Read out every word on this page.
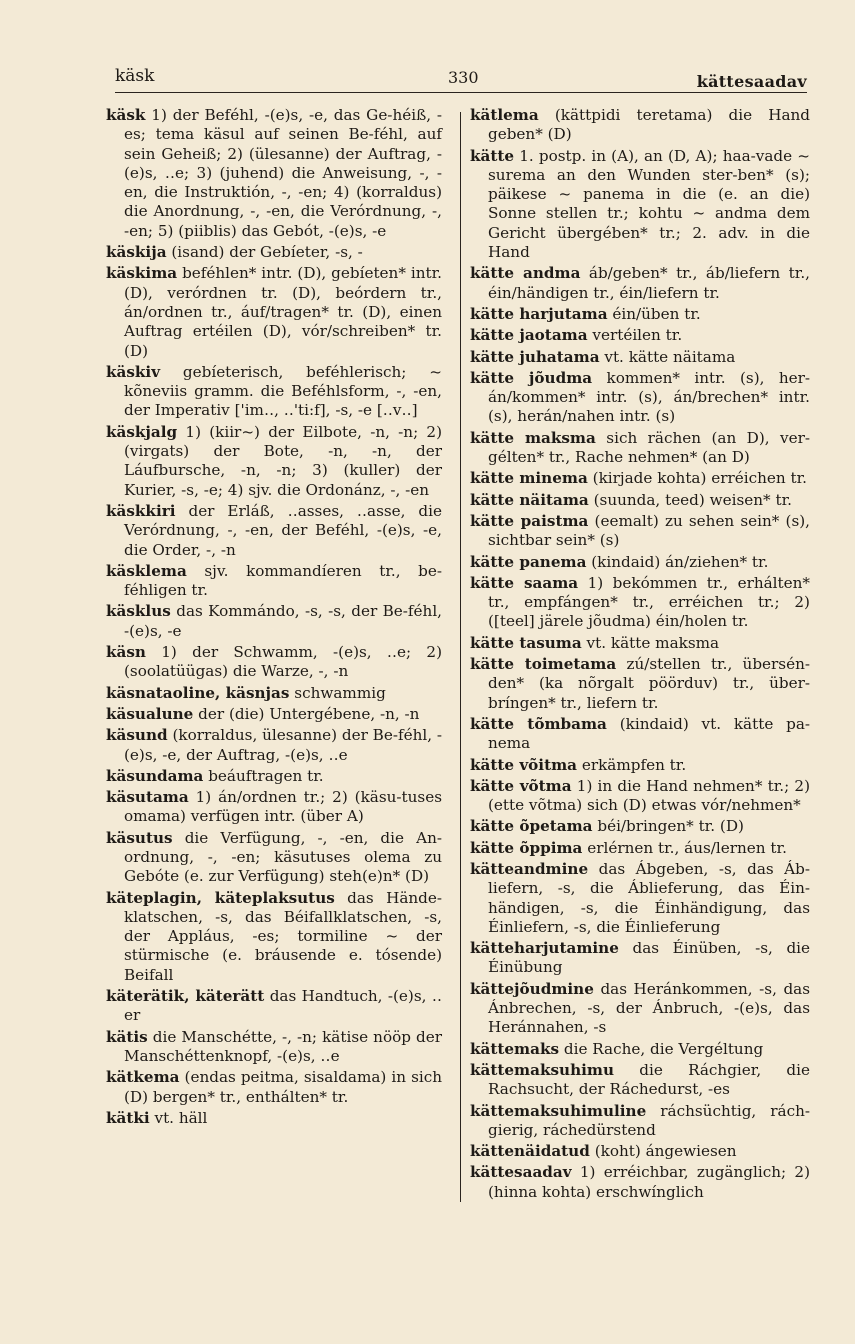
käsk	330	kättesaadav
käsk 1) der Beféhl, -(e)s, -e, das Ge-héiß, -es; tema käsul auf seinen Be-féhl, auf sein Geheiß; 2) (ülesanne) der Auftrag, -(e)s, ‥e; 3) (juhend) die Anweisung, -, -en, die Instruktión, -, -en; 4) (korraldus) die Anordnung, -, -en, die Verórdnung, -, -en; 5) (piiblis) das Gebót, -(e)s, -e
käskija (isand) der Gebíeter, -s, -
käskima beféhlen* intr. (D), gebíeten* intr. (D), verórdnen tr. (D), beórdern tr., án/ordnen tr., áuf/tragen* tr. (D), einen Auftrag ertéilen (D), vór/schreiben* tr. (D)
käskiv gebíeterisch, beféhlerisch; ~ kõneviis gramm. die Beféhlsform, -, -en, der Imperativ ['im‥, ‥'ti:f], -s, -e [‥v‥]
käskjalg 1) (kiir~) der Eilbote, -n, -n; 2) (virgats) der Bote, -n, -n, der Láufbursche, -n, -n; 3) (kuller) der Kurier, -s, -e; 4) sjv. die Ordonánz, -, -en
käskkiri der Erláß, ‥asses, ‥asse, die Verórdnung, -, -en, der Beféhl, -(e)s, -e, die Order, -, -n
käsklema sjv. kommandíeren tr., be-féhligen tr.
käsklus das Kommándo, -s, -s, der Be-féhl, -(e)s, -e
käsn 1) der Schwamm, -(e)s, ‥e; 2) (soolatüügas) die Warze, -, -n
käsnataoline, käsnjas schwammig
käsualune der (die) Untergébene, -n, -n
käsund (korraldus, ülesanne) der Be-féhl, -(e)s, -e, der Auftrag, -(e)s, ‥e
käsundama beáuftragen tr.
käsutama 1) án/ordnen tr.; 2) (käsu-tuses omama) verfügen intr. (über A)
käsutus die Verfügung, -, -en, die An-ordnung, -, -en; käsutuses olema zu Gebóte (e. zur Verfügung) steh(e)n* (D)
käteplagin, käteplaksutus das Hände-klatschen, -s, das Béifallklatschen, -s, der Appláus, -es; tormiline ~ der stürmische (e. bráusende e. tósende) Beifall
käterätik, käterätt das Handtuch, -(e)s, ‥er
kätis die Manschétte, -, -n; kätise nööp der Manschéttenknopf, -(e)s, ‥e
kätkema (endas peitma, sisaldama) in sich (D) bergen* tr., enthálten* tr.
kätki vt. häll
kätlema (kättpidi teretama) die Hand geben* (D)
kätte 1. postp. in (A), an (D, A); haa-vade ~ surema an den Wunden ster-ben* (s); päikese ~ panema in die (e. an die) Sonne stellen tr.; kohtu ~ andma dem Gericht übergében* tr.; 2. adv. in die Hand
kätte andma áb/geben* tr., áb/liefern tr., éin/händigen tr., éin/liefern tr.
kätte harjutama éin/üben tr.
kätte jaotama vertéilen tr.
kätte juhatama vt. kätte näitama
kätte jõudma kommen* intr. (s), her-án/kommen* intr. (s), án/brechen* intr. (s), herán/nahen intr. (s)
kätte maksma sich rächen (an D), ver-gélten* tr., Rache nehmen* (an D)
kätte minema (kirjade kohta) erréichen tr.
kätte näitama (suunda, teed) weisen* tr.
kätte paistma (eemalt) zu sehen sein* (s), sichtbar sein* (s)
kätte panema (kindaid) án/ziehen* tr.
kätte saama 1) bekómmen tr., erhálten* tr., empfángen* tr., erréichen tr.; 2) ([teel] järele jõudma) éin/holen tr.
kätte tasuma vt. kätte maksma
kätte toimetama zú/stellen tr., übersén-den* (ka nõrgalt pöörduv) tr., über-bríngen* tr., liefern tr.
kätte tõmbama (kindaid) vt. kätte pa-nema
kätte võitma erkämpfen tr.
kätte võtma 1) in die Hand nehmen* tr.; 2) (ette võtma) sich (D) etwas vór/nehmen*
kätte õpetama béi/bringen* tr. (D)
kätte õppima erlérnen tr., áus/lernen tr.
kätteandmine das Ábgeben, -s, das Áb-liefern, -s, die Áblieferung, das Éin-händigen, -s, die Éinhändigung, das Éinliefern, -s, die Éinlieferung
kätteharjutamine das Éinüben, -s, die Éinübung
kättejõudmine das Heránkommen, -s, das Ánbrechen, -s, der Ánbruch, -(e)s, das Heránnahen, -s
kättemaks die Rache, die Vergéltung
kättemaksuhimu die Ráchgier, die Rachsucht, der Ráchedurst, -es
kättemaksuhimuline ráchsüchtig, rách-gierig, ráchedürstend
kättenäidatud (koht) ángewiesen
kättesaadav 1) erréichbar, zugänglich; 2) (hinna kohta) erschwínglich
